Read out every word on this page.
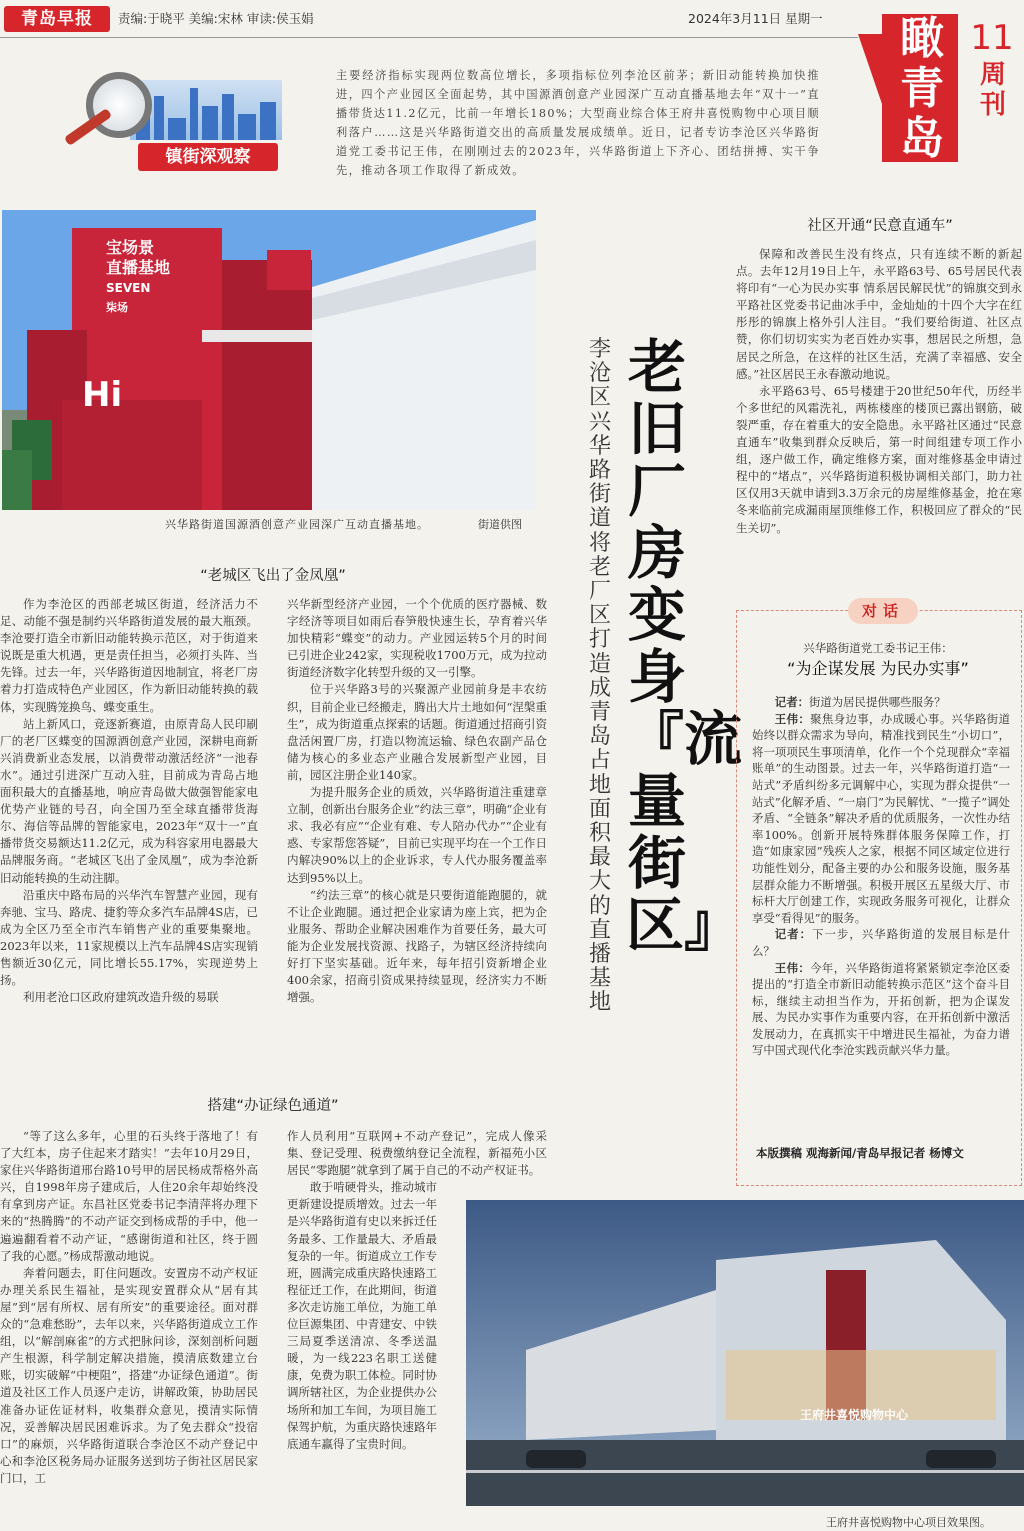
青岛早报	责编:于晓平 美编:宋林 审读:侯玉娟	2024年3月11日 星期一 瞰青岛
11
周刊
镇街深观察
主要经济指标实现两位数高位增长，多项指标位列李沧区前茅；新旧动能转换加快推进，四个产业园区全面起势，其中国源酒创意产业园深广互动直播基地去年“双十一”直播带货达11.2亿元，比前一年增长180%；大型商业综合体王府井喜悦购物中心项目顺利落户……这是兴华路街道交出的高质量发展成绩单。近日，记者专访李沧区兴华路街道党工委书记王伟，在刚刚过去的2023年，兴华路街道上下齐心、团结拼搏、实干争先，推动各项工作取得了新成效。
Hi
宝场景
直播基地
SEVEN
柒场
兴华路街道国源酒创意产业园深广互动直播基地。	街道供图
老旧厂房变身『流量街区』
李沧区兴华路街道将老厂区打造成青岛占地面积最大的直播基地
“老城区飞出了金凤凰”

作为李沧区的西部老城区街道，经济活力不足、动能不强是制约兴华路街道发展的最大瓶颈。李沧要打造全市新旧动能转换示范区，对于街道来说既是重大机遇，更是责任担当，必须打头阵、当先锋。过去一年，兴华路街道因地制宜，将老厂房着力打造成特色产业园区，作为新旧动能转换的载体，实现腾笼换鸟、蝶变重生。

站上新风口，竞逐新赛道，由原青岛人民印刷厂的老厂区蝶变的国源酒创意产业园，深耕电商新兴消费新业态发展，以消费带动激活经济“一池春水”。通过引进深广互动入驻，目前成为青岛占地面积最大的直播基地，响应青岛做大做强智能家电优势产业链的号召，向全国乃至全球直播带货海尔、海信等品牌的智能家电，2023年“双十一”直播带货交易额达11.2亿元，成为科容家用电器最大品牌服务商。“老城区飞出了金凤凰”，成为李沧新旧动能转换的生动注脚。

沿重庆中路布局的兴华汽车智慧产业园，现有奔驰、宝马、路虎、捷豹等众多汽车品牌4S店，已成为全区乃至全市汽车销售产业的重要集聚地。2023年以来，11家规模以上汽车品牌4S店实现销售额近30亿元，同比增长55.17%，实现逆势上扬。

利用老沧口区政府建筑改造升级的易联

兴华新型经济产业园，一个个优质的医疗器械、数字经济等项目如雨后春笋般快速生长，孕育着兴华加快精彩“蝶变”的动力。产业园运转5个月的时间已引进企业242家，实现税收1700万元，成为拉动街道经济数字化转型升级的又一引擎。

位于兴华路3号的兴聚源产业园前身是丰农纺织，目前企业已经搬走，腾出大片土地如何“涅槃重生”，成为街道重点探索的话题。街道通过招商引资盘活闲置厂房，打造以物流运输、绿色农副产品仓储为核心的多业态产业融合发展新型产业园，目前，园区注册企业140家。

为提升服务企业的质效，兴华路街道注重建章立制，创新出台服务企业“约法三章”，明确“企业有求、我必有应”“企业有难、专人陪办代办”“企业有惑、专家帮您答疑”，目前已实现平均在一个工作日内解决90%以上的企业诉求，专人代办服务覆盖率达到95%以上。

“约法三章”的核心就是只要街道能跑腿的，就不让企业跑腿。通过把企业家请为座上宾，把为企业服务、帮助企业解决困难作为首要任务，最大可能为企业发展找资源、找路子，为辖区经济持续向好打下坚实基础。近年来，每年招引资新增企业400余家，招商引资成果持续显现，经济实力不断增强。

搭建“办证绿色通道”

“等了这么多年，心里的石头终于落地了！有了大红本，房子住起来才踏实！”去年10月29日，家住兴华路街道邢台路10号甲的居民杨成帮格外高兴，自1998年房子建成后，人住20余年却始终没有拿到房产证。东昌社区党委书记李清萍将办理下来的“热腾腾”的不动产证交到杨成帮的手中，他一遍遍翻看着不动产证，“感谢街道和社区，终于圆了我的心愿。”杨成帮激动地说。

奔着问题去，盯住问题改。安置房不动产权证办理关系民生福祉，是实现安置群众从“居有其屋”到“居有所权、居有所安”的重要途径。面对群众的“急难愁盼”，去年以来，兴华路街道成立工作组，以“解剖麻雀”的方式把脉问诊，深刻剖析问题产生根源，科学制定解决措施，摸清底数建立台账，切实破解“中梗阻”，搭建“办证绿色通道”。街道及社区工作人员逐户走访，讲解政策，协助居民准备办证佐证材料，收集群众意见，摸清实际情况，妥善解决居民困难诉求。为了免去群众“投宿口”的麻烦，兴华路街道联合李沧区不动产登记中心和李沧区税务局办证服务送到坊子街社区居民家门口，工

作人员利用“互联网+不动产登记”，完成人像采集、登记受理、税费缴纳登记全流程，新福苑小区居民“零跑腿”就拿到了属于自己的不动产权证书。

敢于啃硬骨头，推动城市更新建设提质增效。过去一年是兴华路街道有史以来拆迁任务最多、工作量最大、矛盾最复杂的一年。街道成立工作专班，圆满完成重庆路快速路工程征迁工作，在此期间，街道多次走访施工单位，为施工单位巨源集团、中青建安、中铁三局夏季送清凉、冬季送温暖，为一线223名职工送健康，免费为职工体检。同时协调所辖社区，为企业提供办公场所和加工车间，为项目施工保驾护航，为重庆路快速路年底通车赢得了宝贵时间。

社区开通“民意直通车”

保障和改善民生没有终点，只有连续不断的新起点。去年12月19日上午，永平路63号、65号居民代表将印有“一心为民办实事 情系居民解民忧”的锦旗交到永平路社区党委书记曲冰手中，金灿灿的十四个大字在红彤彤的锦旗上格外引人注目。“我们要给街道、社区点赞，你们切切实实为老百姓办实事，想居民之所想，急居民之所急，在这样的社区生活，充满了幸福感、安全感。”社区居民王永春激动地说。

永平路63号、65号楼建于20世纪50年代，历经半个多世纪的风霜洗礼，两栋楼座的楼顶已露出钢筋，破裂严重，存在着重大的安全隐患。永平路社区通过“民意直通车”收集到群众反映后，第一时间组建专项工作小组，逐户做工作，确定维修方案，面对维修基金申请过程中的“堵点”，兴华路街道积极协调相关部门，助力社区仅用3天就申请到3.3万余元的房屋维修基金，抢在寒冬来临前完成漏雨屋顶维修工作，积极回应了群众的“民生关切”。

对话
兴华路街道党工委书记王伟：
“为企谋发展 为民办实事”

记者：街道为居民提供哪些服务？

王伟：聚焦身边事，办成暖心事。兴华路街道始终以群众需求为导向，精准找到民生“小切口”，将一项项民生事项清单，化作一个个兑现群众“幸福账单”的生动图景。过去一年，兴华路街道打造“一站式”矛盾纠纷多元调解中心，实现为群众提供“一站式”化解矛盾、“一扇门”为民解忧、“一揽子”调处矛盾、“全链条”解决矛盾的优质服务，一次性办结率100%。创新开展特殊群体服务保障工作，打造“如康家园”残疾人之家，根据不同区域定位进行功能性划分，配备主要的办公和服务设施，服务基层群众能力不断增强。积极开展区五星级大厅、市标杆大厅创建工作，实现政务服务可视化，让群众享受“看得见”的服务。

记者：下一步，兴华路街道的发展目标是什么？

王伟：今年，兴华路街道将紧紧锁定李沧区委提出的“打造全市新旧动能转换示范区”这个奋斗目标，继续主动担当作为，开拓创新，把为企谋发展、为民办实事作为重要内容，在开拓创新中激活发展动力，在真抓实干中增进民生福祉，为奋力谱写中国式现代化李沧实践贡献兴华力量。

本版撰稿 观海新闻/青岛早报记者 杨博文
王府井喜悦购物中心
王府井喜悦购物中心项目效果图。
